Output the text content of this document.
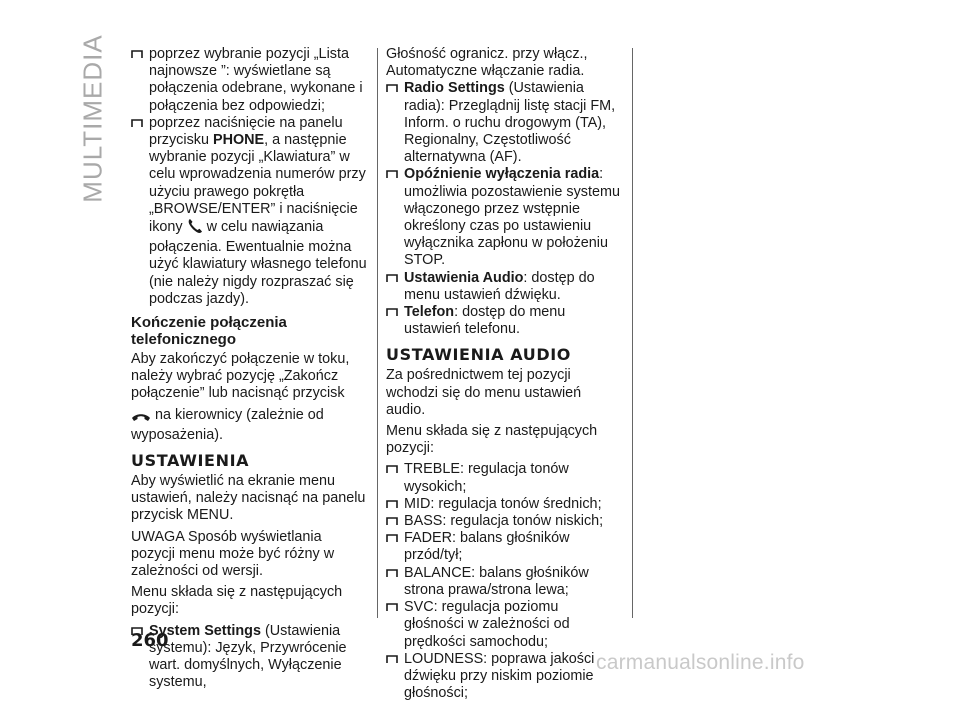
MULTIMEDIA	poprzez wybranie pozycji „Lista najnowsze ”: wyświetlane są połączenia odebrane, wykonane i połączenia bez odpowiedzi;
poprzez naciśnięcie na panelu przycisku PHONE, a następnie wybranie pozycji „Klawiatura” w celu wprowadzenia numerów przy użyciu prawego pokrętła „BROWSE/ENTER” i naciśnięcie ikony  w celu nawiązania połączenia. Ewentualnie można użyć klawiatury własnego telefonu (nie należy nigdy rozpraszać się podczas jazdy).
Kończenie połączenia telefonicznego

Aby zakończyć połączenie w toku, należy wybrać pozycję „Zakończ połączenie” lub nacisnąć przycisk

na kierownicy (zależnie od wyposażenia).

USTAWIENIA

Aby wyświetlić na ekranie menu ustawień, należy nacisnąć na panelu przycisk MENU.

UWAGA Sposób wyświetlania pozycji menu może być różny w zależności od wersji.

Menu składa się z następujących pozycji:

System Settings (Ustawienia systemu): Język, Przywrócenie wart. domyślnych, Wyłączenie systemu,

Głośność ogranicz. przy włącz., Automatyczne włączanie radia.

Radio Settings (Ustawienia radia): Przeglądnij listę stacji FM, Inform. o ruchu drogowym (TA), Regionalny, Częstotliwość alternatywna (AF).
Opóźnienie wyłączenia radia: umożliwia pozostawienie systemu włączonego przez wstępnie określony czas po ustawieniu wyłącznika zapłonu w położeniu STOP.
Ustawienia Audio: dostęp do menu ustawień dźwięku.
Telefon: dostęp do menu ustawień telefonu.
USTAWIENIA AUDIO

Za pośrednictwem tej pozycji wchodzi się do menu ustawień audio.

Menu składa się z następujących pozycji:

TREBLE: regulacja tonów wysokich;
MID: regulacja tonów średnich;
BASS: regulacja tonów niskich;
FADER: balans głośników przód/tył;
BALANCE: balans głośników strona prawa/strona lewa;
SVC: regulacja poziomu głośności w zależności od prędkości samochodu;
LOUDNESS: poprawa jakości dźwięku przy niskim poziomie głośności;
260
carmanualsonline.info
